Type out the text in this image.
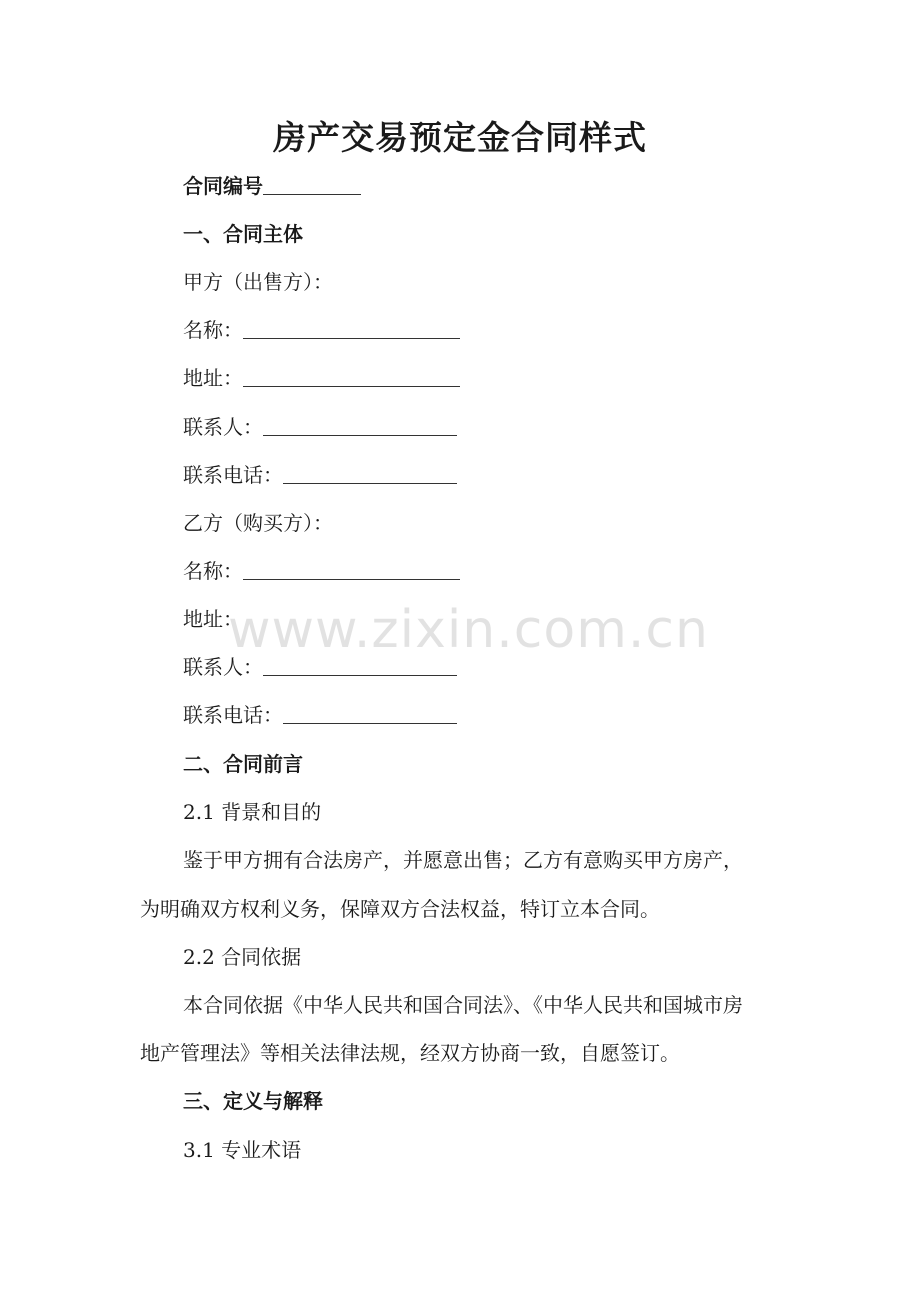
房产交易预定金合同样式
合同编号
一、合同主体
甲方（出售方）：
名称：
地址：
联系人：
联系电话：
乙方（购买方）：
名称：
地址：
联系人：
联系电话：
二、合同前言
2.1 背景和目的
鉴于甲方拥有合法房产，并愿意出售；乙方有意购买甲方房产，
为明确双方权利义务，保障双方合法权益，特订立本合同。
2.2 合同依据
本合同依据《中华人民共和国合同法》、《中华人民共和国城市房
地产管理法》等相关法律法规，经双方协商一致，自愿签订。
三、定义与解释
3.1 专业术语
www.zixin.com.cn
